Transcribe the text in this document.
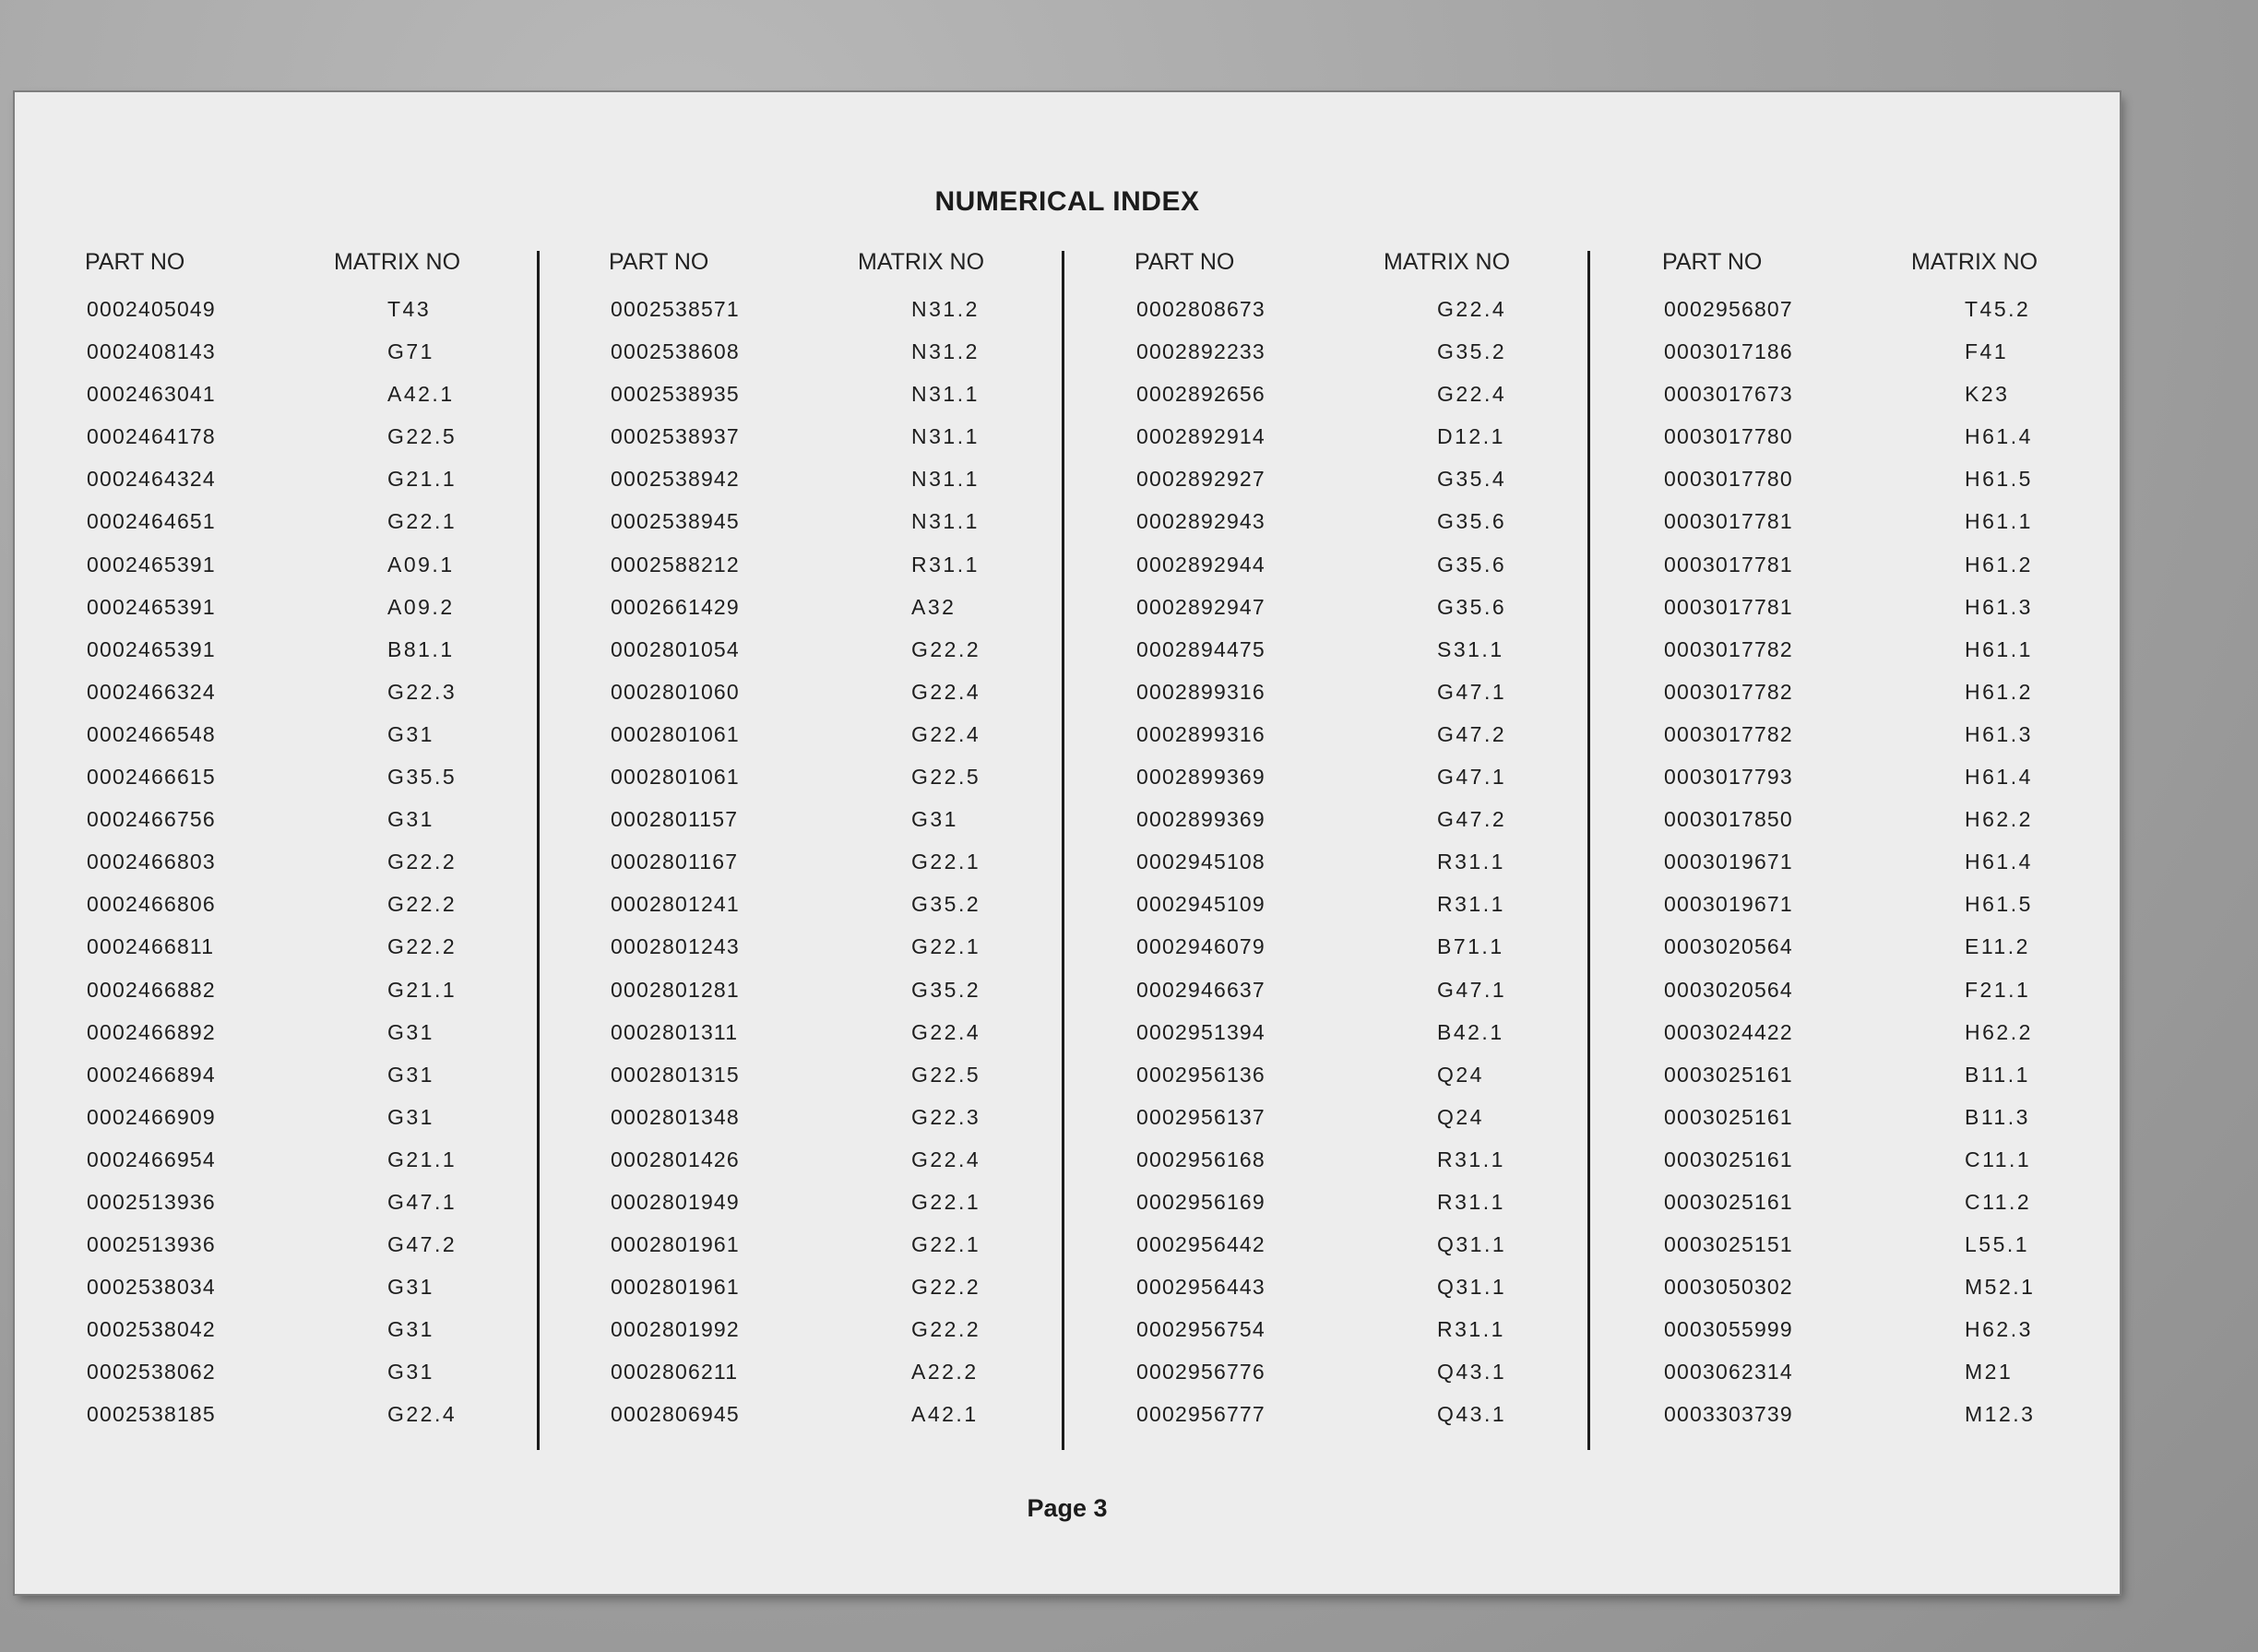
NUMERICAL INDEX
PART NO	MATRIX NO
0002405049	T43
0002408143	G71
0002463041	A42.1
0002464178	G22.5
0002464324	G21.1
0002464651	G22.1
0002465391	A09.1
0002465391	A09.2
0002465391	B81.1
0002466324	G22.3
0002466548	G31
0002466615	G35.5
0002466756	G31
0002466803	G22.2
0002466806	G22.2
0002466811	G22.2
0002466882	G21.1
0002466892	G31
0002466894	G31
0002466909	G31
0002466954	G21.1
0002513936	G47.1
0002513936	G47.2
0002538034	G31
0002538042	G31
0002538062	G31
0002538185	G22.4
PART NO	MATRIX NO
0002538571	N31.2
0002538608	N31.2
0002538935	N31.1
0002538937	N31.1
0002538942	N31.1
0002538945	N31.1
0002588212	R31.1
0002661429	A32
0002801054	G22.2
0002801060	G22.4
0002801061	G22.4
0002801061	G22.5
0002801157	G31
0002801167	G22.1
0002801241	G35.2
0002801243	G22.1
0002801281	G35.2
0002801311	G22.4
0002801315	G22.5
0002801348	G22.3
0002801426	G22.4
0002801949	G22.1
0002801961	G22.1
0002801961	G22.2
0002801992	G22.2
0002806211	A22.2
0002806945	A42.1
PART NO	MATRIX NO
0002808673	G22.4
0002892233	G35.2
0002892656	G22.4
0002892914	D12.1
0002892927	G35.4
0002892943	G35.6
0002892944	G35.6
0002892947	G35.6
0002894475	S31.1
0002899316	G47.1
0002899316	G47.2
0002899369	G47.1
0002899369	G47.2
0002945108	R31.1
0002945109	R31.1
0002946079	B71.1
0002946637	G47.1
0002951394	B42.1
0002956136	Q24
0002956137	Q24
0002956168	R31.1
0002956169	R31.1
0002956442	Q31.1
0002956443	Q31.1
0002956754	R31.1
0002956776	Q43.1
0002956777	Q43.1
PART NO	MATRIX NO
0002956807	T45.2
0003017186	F41
0003017673	K23
0003017780	H61.4
0003017780	H61.5
0003017781	H61.1
0003017781	H61.2
0003017781	H61.3
0003017782	H61.1
0003017782	H61.2
0003017782	H61.3
0003017793	H61.4
0003017850	H62.2
0003019671	H61.4
0003019671	H61.5
0003020564	E11.2
0003020564	F21.1
0003024422	H62.2
0003025161	B11.1
0003025161	B11.3
0003025161	C11.1
0003025161	C11.2
0003025151	L55.1
0003050302	M52.1
0003055999	H62.3
0003062314	M21
0003303739	M12.3
Page 3
